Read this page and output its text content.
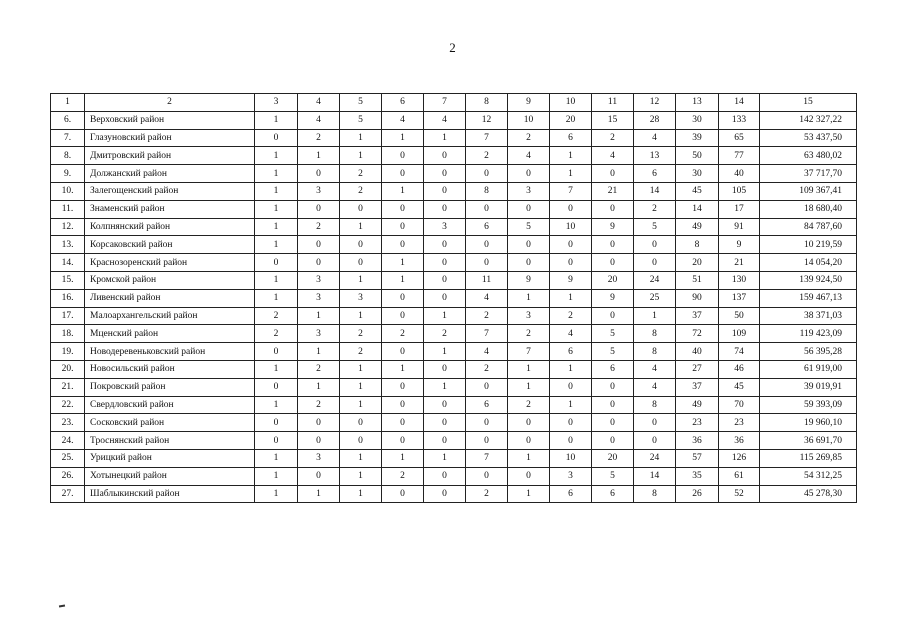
2
1	2	3	4	5	6	7	8	9	10	11	12	13	14	15
6.	Верховский район	1	4	5	4	4	12	10	20	15	28	30	133	142 327,22
7.	Глазуновский район	0	2	1	1	1	7	2	6	2	4	39	65	53 437,50
8.	Дмитровский район	1	1	1	0	0	2	4	1	4	13	50	77	63 480,02
9.	Должанский район	1	0	2	0	0	0	0	1	0	6	30	40	37 717,70
10.	Залегощенский район	1	3	2	1	0	8	3	7	21	14	45	105	109 367,41
11.	Знаменский район	1	0	0	0	0	0	0	0	0	2	14	17	18 680,40
12.	Колпнянский район	1	2	1	0	3	6	5	10	9	5	49	91	84 787,60
13.	Корсаковский район	1	0	0	0	0	0	0	0	0	0	8	9	10 219,59
14.	Краснозоренский район	0	0	0	1	0	0	0	0	0	0	20	21	14 054,20
15.	Кромской район	1	3	1	1	0	11	9	9	20	24	51	130	139 924,50
16.	Ливенский район	1	3	3	0	0	4	1	1	9	25	90	137	159 467,13
17.	Малоархангельский район	2	1	1	0	1	2	3	2	0	1	37	50	38 371,03
18.	Мценский район	2	3	2	2	2	7	2	4	5	8	72	109	119 423,09
19.	Новодеревеньковский район	0	1	2	0	1	4	7	6	5	8	40	74	56 395,28
20.	Новосильский район	1	2	1	1	0	2	1	1	6	4	27	46	61 919,00
21.	Покровский район	0	1	1	0	1	0	1	0	0	4	37	45	39 019,91
22.	Свердловский район	1	2	1	0	0	6	2	1	0	8	49	70	59 393,09
23.	Сосковский район	0	0	0	0	0	0	0	0	0	0	23	23	19 960,10
24.	Троснянский район	0	0	0	0	0	0	0	0	0	0	36	36	36 691,70
25.	Урицкий район	1	3	1	1	1	7	1	10	20	24	57	126	115 269,85
26.	Хотынецкий район	1	0	1	2	0	0	0	3	5	14	35	61	54 312,25
27.	Шаблыкинский район	1	1	1	0	0	2	1	6	6	8	26	52	45 278,30
